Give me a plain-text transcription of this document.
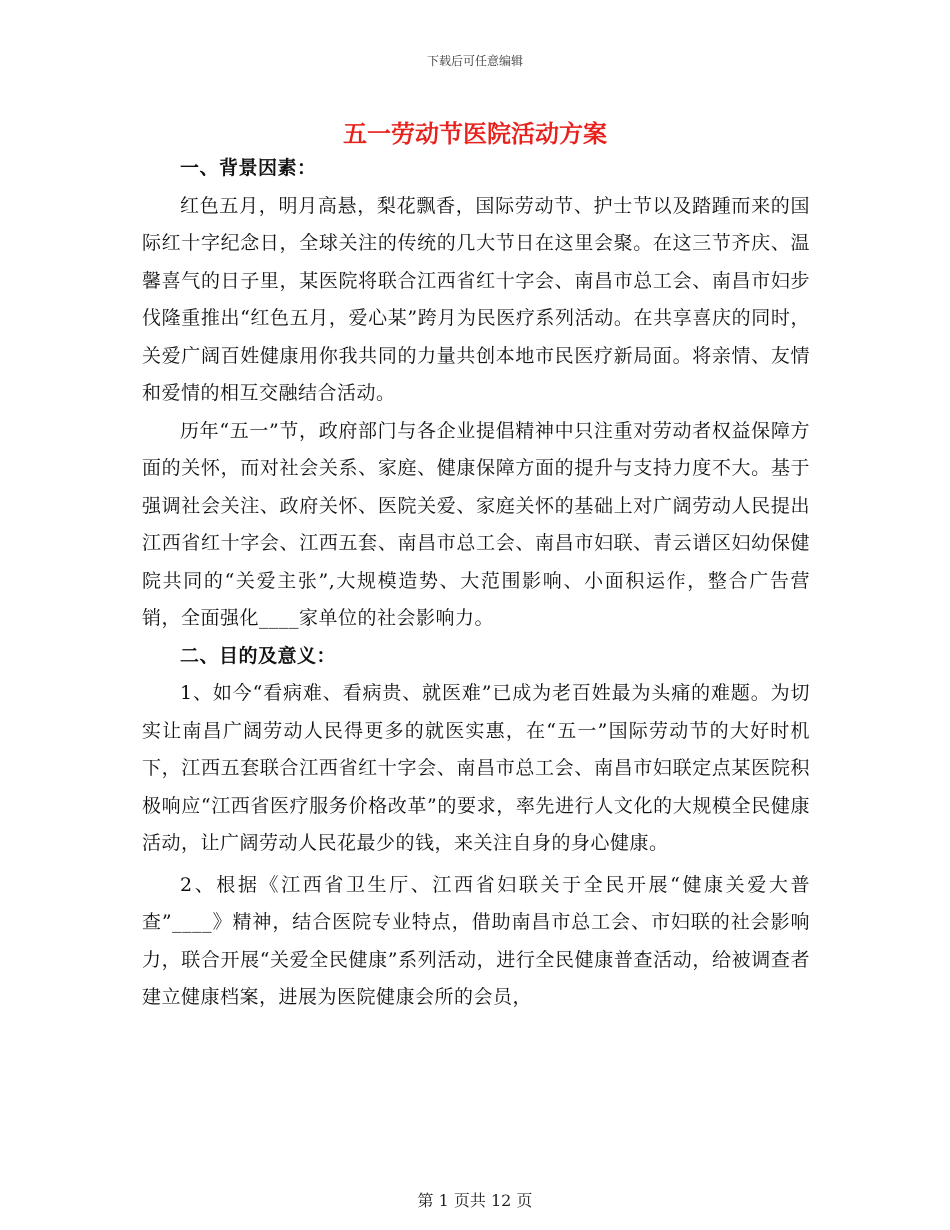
下载后可任意编辑
五一劳动节医院活动方案

一、背景因素：

红色五月，明月高悬，梨花飘香，国际劳动节、护士节以及踏踵而来的国际红十字纪念日，全球关注的传统的几大节日在这里会聚。在这三节齐庆、温馨喜气的日子里，某医院将联合江西省红十字会、南昌市总工会、南昌市妇步伐隆重推出“红色五月，爱心某”跨月为民医疗系列活动。在共享喜庆的同时，关爱广阔百姓健康用你我共同的力量共创本地市民医疗新局面。将亲情、友情和爱情的相互交融结合活动。

历年“五一”节，政府部门与各企业提倡精神中只注重对劳动者权益保障方面的关怀，而对社会关系、家庭、健康保障方面的提升与支持力度不大。基于强调社会关注、政府关怀、医院关爱、家庭关怀的基础上对广阔劳动人民提出江西省红十字会、江西五套、南昌市总工会、南昌市妇联、青云谱区妇幼保健院共同的“关爱主张”,大规模造势、大范围影响、小面积运作，整合广告营销，全面强化____家单位的社会影响力。

二、目的及意义：

1、如今“看病难、看病贵、就医难”已成为老百姓最为头痛的难题。为切实让南昌广阔劳动人民得更多的就医实惠，在“五一”国际劳动节的大好时机下，江西五套联合江西省红十字会、南昌市总工会、南昌市妇联定点某医院积极响应“江西省医疗服务价格改革”的要求，率先进行人文化的大规模全民健康活动，让广阔劳动人民花最少的钱，来关注自身的身心健康。

2、根据《江西省卫生厅、江西省妇联关于全民开展“健康关爱大普查”____》精神，结合医院专业特点，借助南昌市总工会、市妇联的社会影响力，联合开展“关爱全民健康”系列活动，进行全民健康普查活动，给被调查者建立健康档案，进展为医院健康会所的会员，

第 1 页共 12 页
